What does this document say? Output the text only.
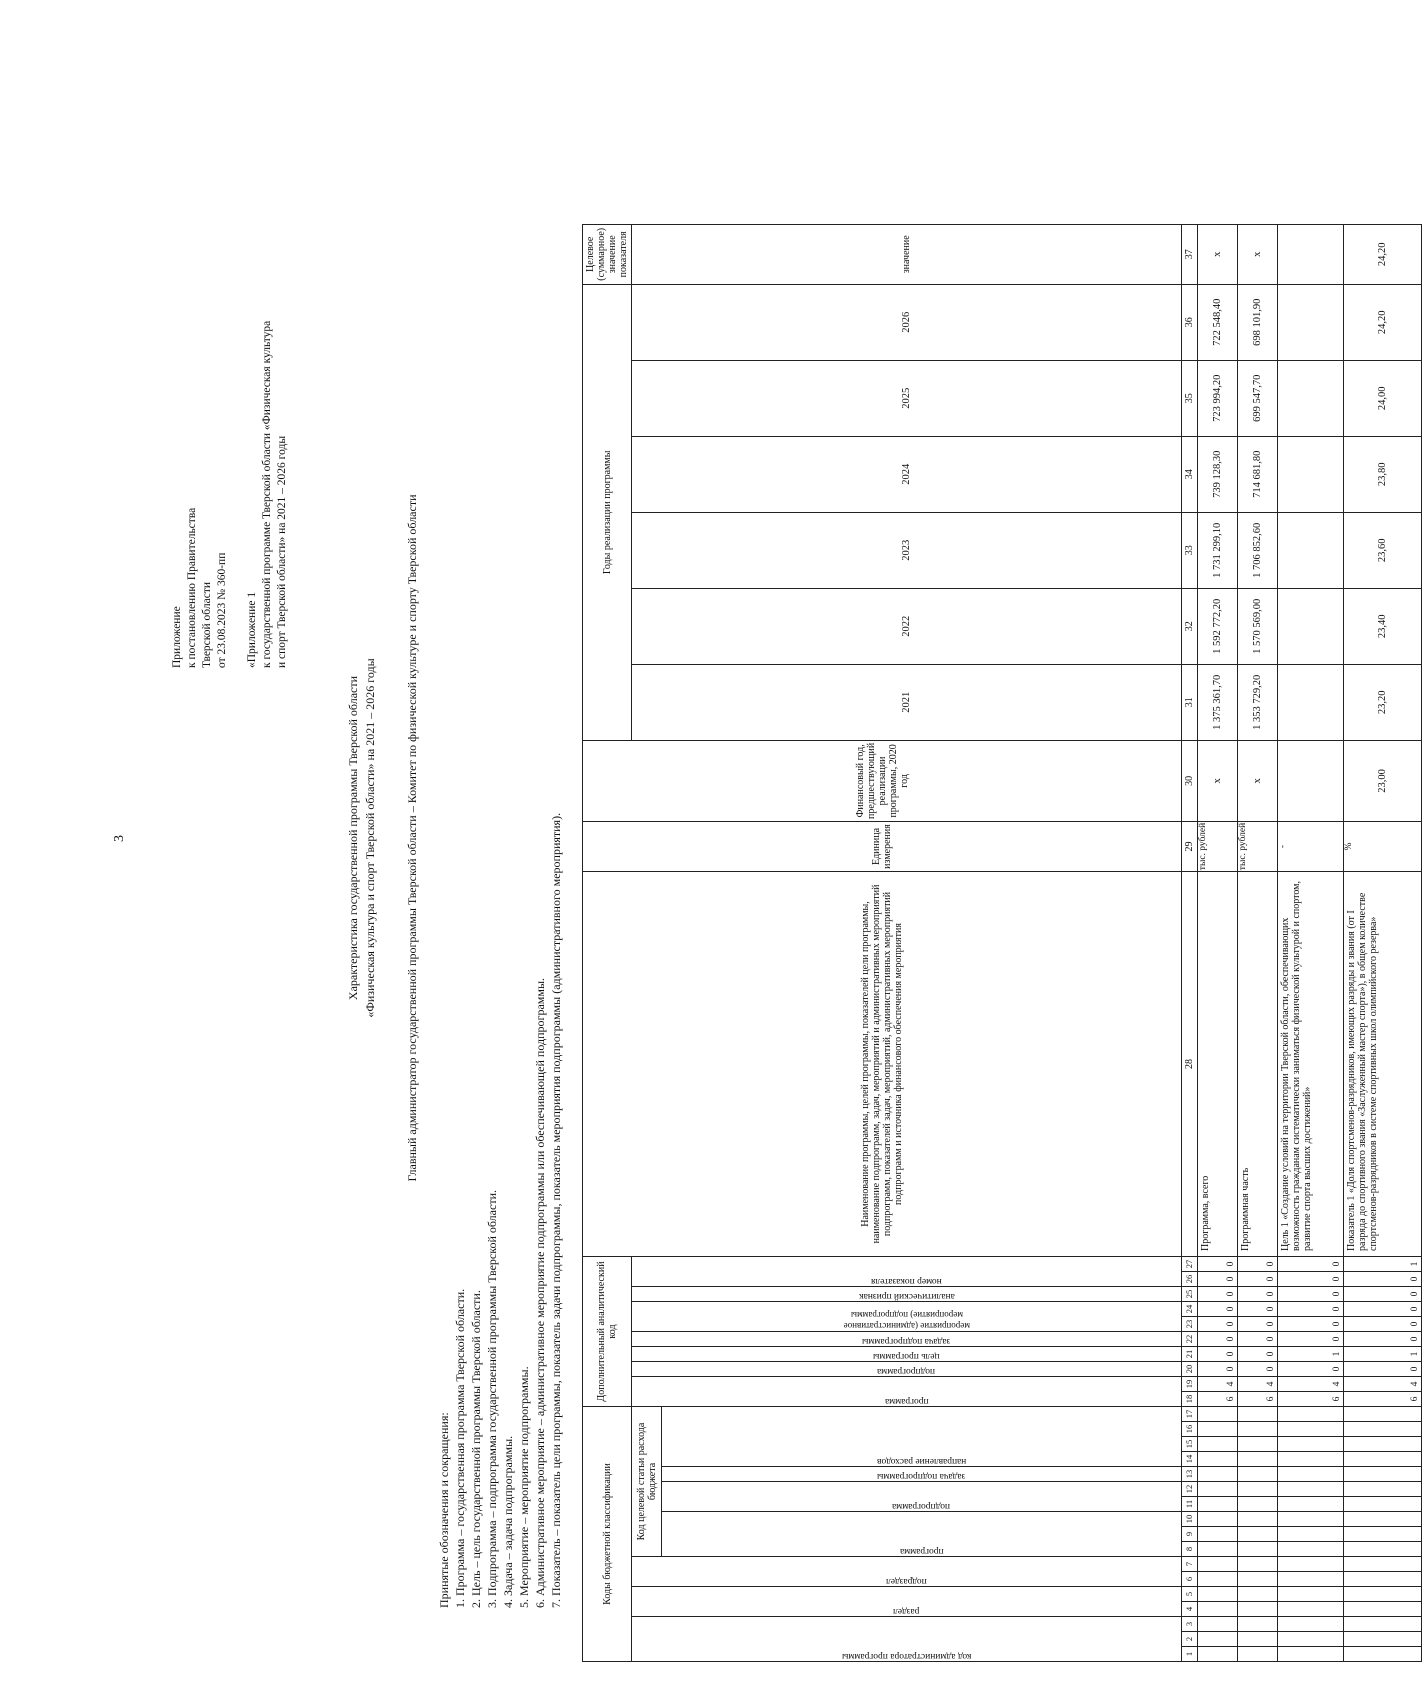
3
Приложение к постановлению Правительства Тверской области от 23.08.2023 № 360-пп
«Приложение 1 к государственной программе Тверской области «Физическая культура и спорт Тверской области» на 2021 – 2026 годы
Характеристика государственной программы Тверской области «Физическая культура и спорт Тверской области» на 2021 – 2026 годы Главный администратор государственной программы Тверской области – Комитет по физической культуре и спорту Тверской области
Принятые обозначения и сокращения: 1. Программа – государственная программа Тверской области. 2. Цель – цель государственной программы Тверской области. 3. Подпрограмма – подпрограмма государственной программы Тверской области. 4. Задача – задача подпрограммы. 5. Мероприятие – мероприятие подпрограммы. 6. Административное мероприятие – административное мероприятие подпрограммы или обеспечивающей подпрограммы. 7. Показатель – показатель цели программы, показатель задачи подпрограммы, показатель мероприятия подпрограммы (административного мероприятия).	Коды бюджетной классификации																	Дополнительный аналитический код										Наименование программы, целей программы, показателей цели программы, наименование подпрограмм, задач, мероприятий и административных мероприятий подпрограмм, показателей задач, мероприятий, административных мероприятий подпрограмм и источника финансового обеспечения мероприятия	Единица измерения	Финансовый год, предшествующий реализации программы, 2020 год	Годы реализации программы						Целевое (суммарное) значение показателя

код администратора программы			раздел		подраздел		Код целевой статьи расхода бюджета										программа		подпрограмма	цель программы	задача подпрограммы	мероприятие (административное мероприятие) подпрограммы		аналитический признак	номер показателя					2021	2022	2023	2024	2025	2026	значение

							программа			подпрограмма		задача подпрограммы	направление расходов																							

1	2	3	4	5	6	7	8	9	10	11	12	13	14	15	16	17	18	19	20	21	22	23	24	25	26	27	28	29	30	31	32	33	34	35	36	37
																	6	4	0	0	0	0	0	0	0	0	Программа, всего	тыс. рублей	х	1 375 361,70	1 592 772,20	1 731 299,10	739 128,30	723 994,20	722 548,40	х
																	6	4	0	0	0	0	0	0	0	0	Программная часть	тыс. рублей	х	1 353 729,20	1 570 569,00	1 706 852,60	714 681,80	699 547,70	698 101,90	х
																	6	4	0	1	0	0	0	0	0	0	Цель 1 «Создание условий на территории Тверской области, обеспечивающих возможность гражданам систематически заниматься физической культурой и спортом, развитие спорта высших достижений»	-								
																	6	4	0	1	0	0	0	0	0	1	Показатель 1 «Доля спортсменов-разрядников, имеющих разряды и звания (от I разряда до спортивного звания «Заслуженный мастер спорта»), в общем количестве спортсменов-разрядников в системе спортивных школ олимпийского резерва»	%	23,00	23,20	23,40	23,60	23,80	24,00	24,20	24,20
